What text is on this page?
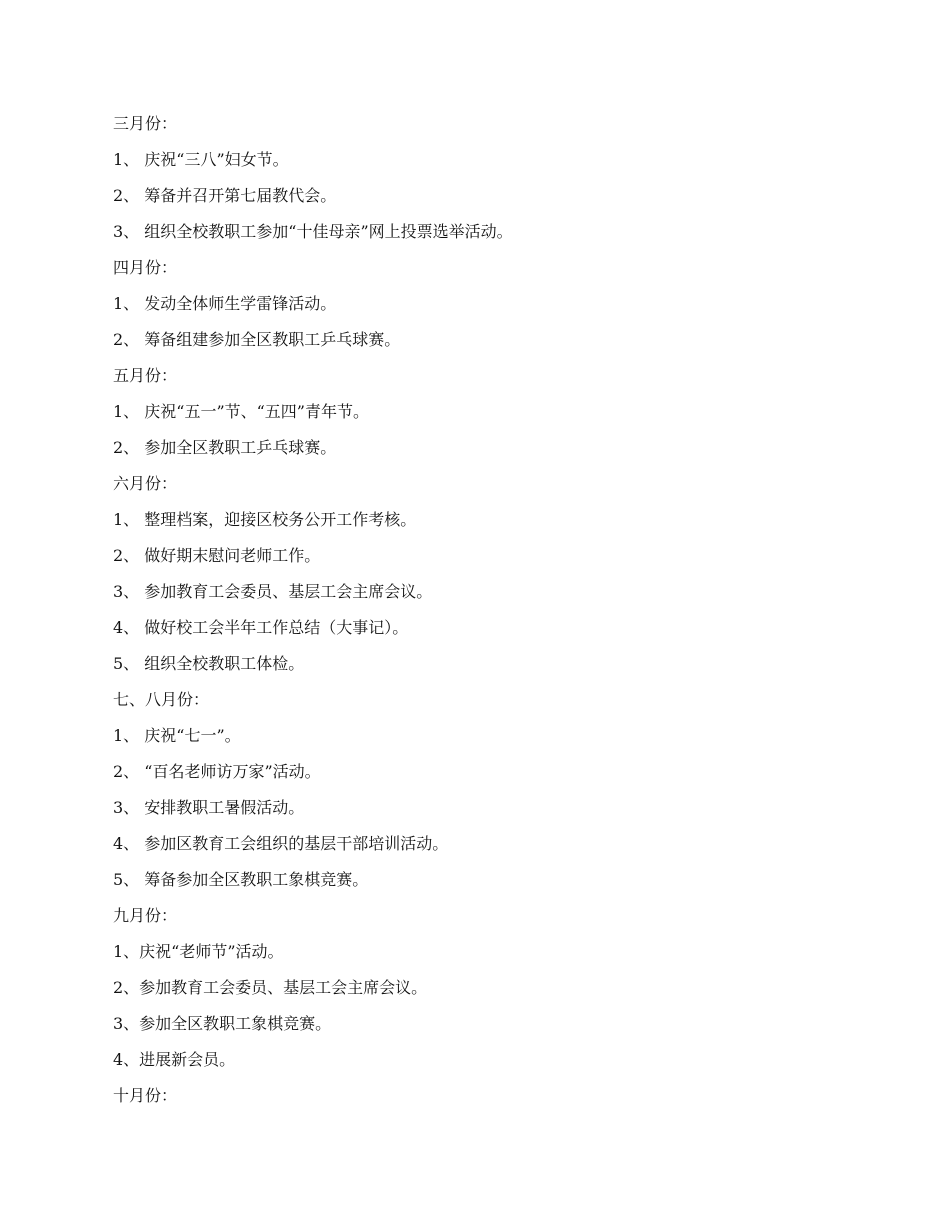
三月份：
1、 庆祝“三八”妇女节。
2、 筹备并召开第七届教代会。
3、 组织全校教职工参加“十佳母亲”网上投票选举活动。
四月份：
1、 发动全体师生学雷锋活动。
2、 筹备组建参加全区教职工乒乓球赛。
五月份：
1、 庆祝“五一”节、“五四”青年节。
2、 参加全区教职工乒乓球赛。
六月份：
1、 整理档案，迎接区校务公开工作考核。
2、 做好期末慰问老师工作。
3、 参加教育工会委员、基层工会主席会议。
4、 做好校工会半年工作总结（大事记）。
5、 组织全校教职工体检。
七、八月份：
1、 庆祝“七一”。
2、 “百名老师访万家”活动。
3、 安排教职工暑假活动。
4、 参加区教育工会组织的基层干部培训活动。
5、 筹备参加全区教职工象棋竞赛。
九月份：
1、庆祝“老师节”活动。
2、参加教育工会委员、基层工会主席会议。
3、参加全区教职工象棋竞赛。
4、进展新会员。
十月份：
